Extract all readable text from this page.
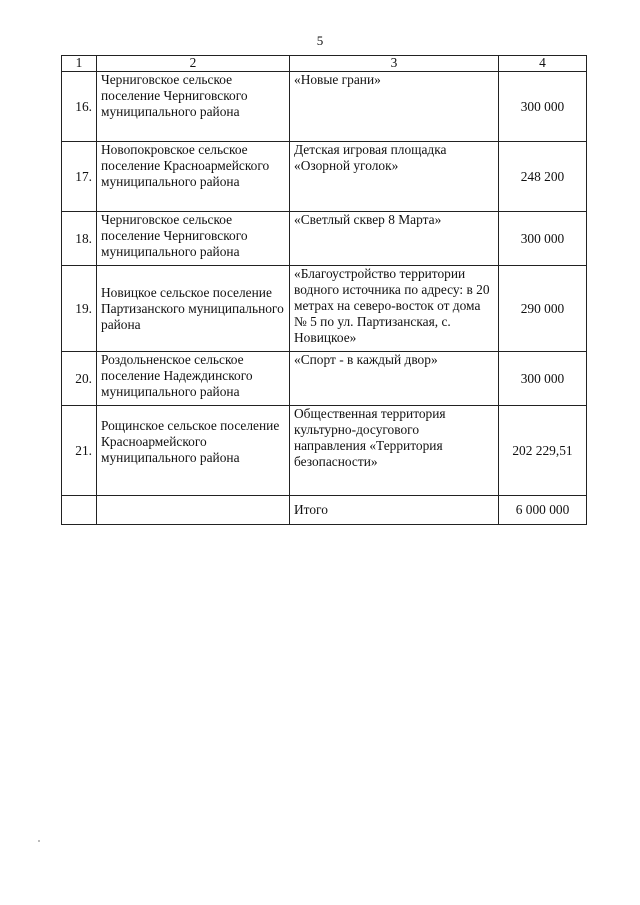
5
1	2	3	4
16.	Черниговское сельское поселение Черниговского муниципального района	«Новые грани»	300 000
17.	Новопокровское сельское поселение Красноармейского муниципального района	Детская игровая площадка «Озорной уголок»	248 200
18.	Черниговское сельское поселение Черниговского муниципального района	«Светлый сквер 8 Марта»	300 000
19.	Новицкое сельское поселение Партизанского муниципального района	«Благоустройство территории водного источника по адресу: в 20 метрах на северо-восток от дома № 5 по ул. Партизанская, с. Новицкое»	290 000
20.	Роздольненское сельское поселение Надеждинского муниципального района	«Спорт - в каждый двор»	300 000
21.	Рощинское сельское поселение Красноармейского муниципального района	Общественная территория культурно-досугового направления «Территория безопасности»	202 229,51
		Итого	6 000 000
